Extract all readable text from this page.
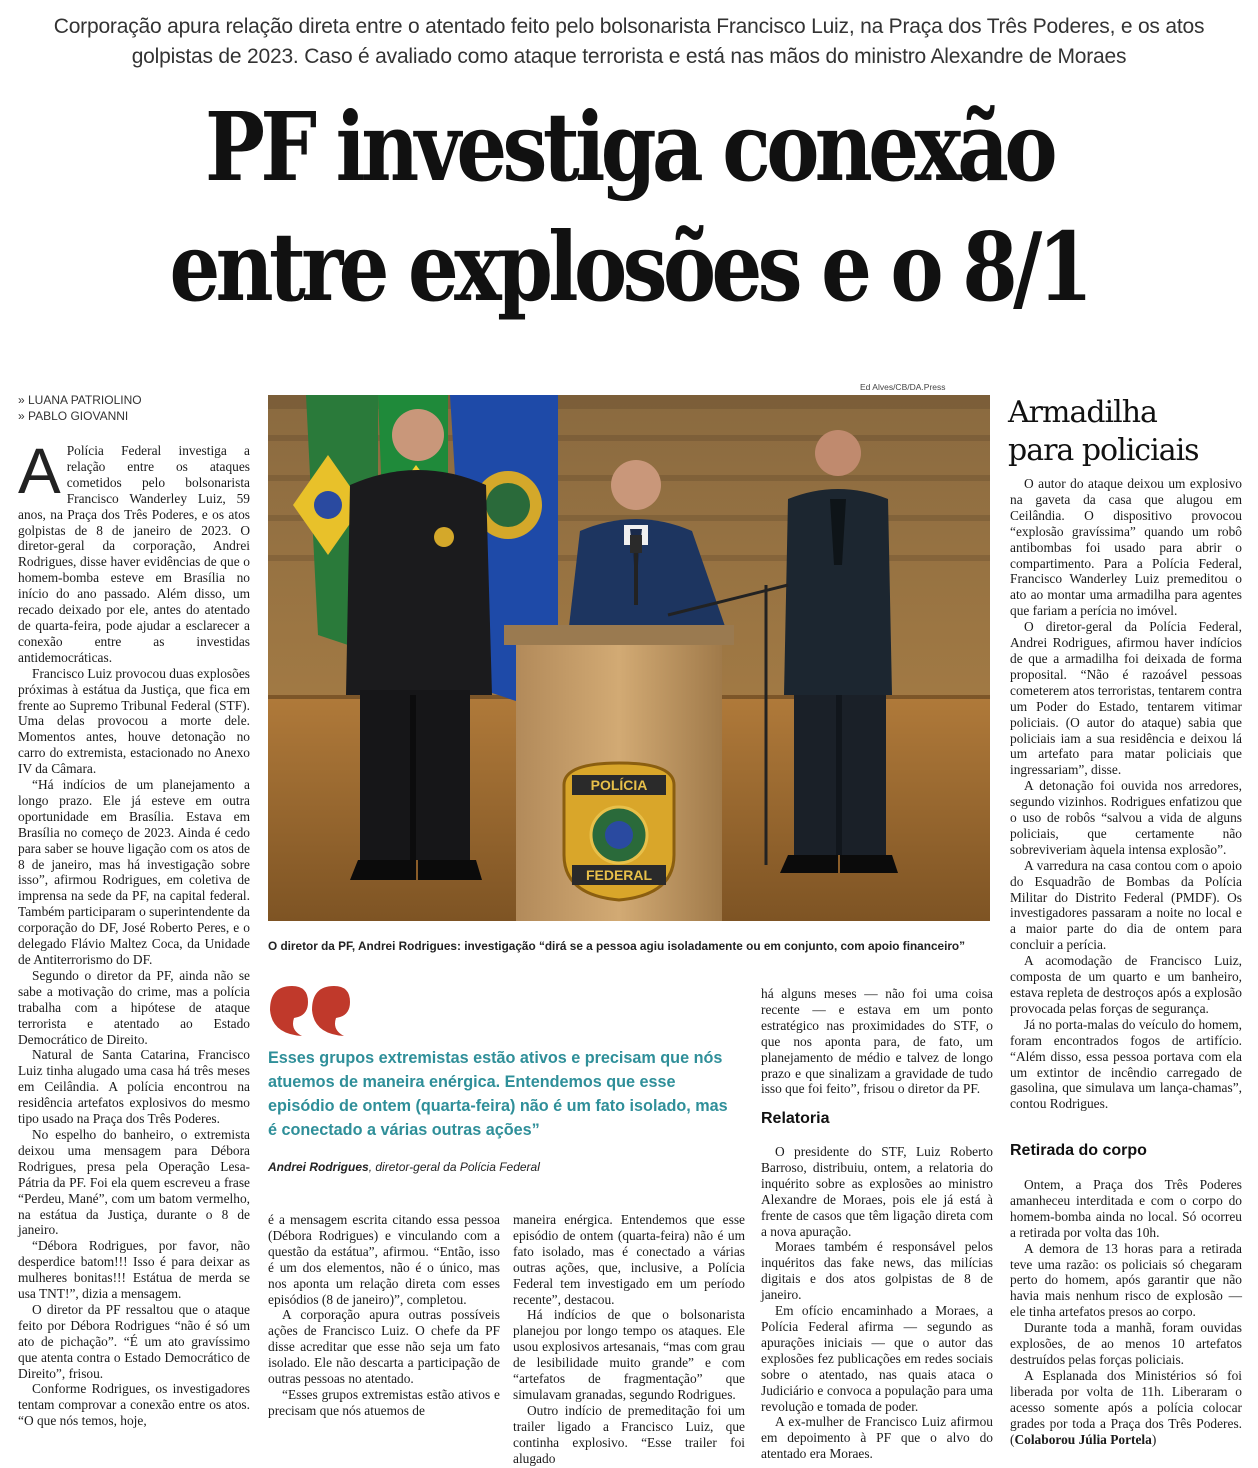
Corporação apura relação direta entre o atentado feito pelo bolsonarista Francisco Luiz, na Praça dos Três Poderes, e os atos golpistas de 2023. Caso é avaliado como ataque terrorista e está nas mãos do ministro Alexandre de Moraes
PF investiga conexão
entre explosões e o 8/1
» LUANA PATRIOLINO
» PABLO GIOVANNI

A Polícia Federal investiga a relação entre os ataques cometidos pelo bolsonarista Francisco Wanderley Luiz, 59 anos, na Praça dos Três Poderes, e os atos golpistas de 8 de janeiro de 2023. O diretor-geral da corporação, Andrei Rodrigues, disse haver evidências de que o homem-bomba esteve em Brasília no início do ano passado. Além disso, um recado deixado por ele, antes do atentado de quarta-feira, pode ajudar a esclarecer a conexão entre as investidas antidemocráticas.

Francisco Luiz provocou duas explosões próximas à estátua da Justiça, que fica em frente ao Supremo Tribunal Federal (STF). Uma delas provocou a morte dele. Momentos antes, houve detonação no carro do extremista, estacionado no Anexo IV da Câmara.

“Há indícios de um planejamento a longo prazo. Ele já esteve em outra oportunidade em Brasília. Estava em Brasília no começo de 2023. Ainda é cedo para saber se houve ligação com os atos de 8 de janeiro, mas há investigação sobre isso”, afirmou Rodrigues, em coletiva de imprensa na sede da PF, na capital federal. Também participaram o superintendente da corporação do DF, José Roberto Peres, e o delegado Flávio Maltez Coca, da Unidade de Antiterrorismo do DF.

Segundo o diretor da PF, ainda não se sabe a motivação do crime, mas a polícia trabalha com a hipótese de ataque terrorista e atentado ao Estado Democrático de Direito.

Natural de Santa Catarina, Francisco Luiz tinha alugado uma casa há três meses em Ceilândia. A polícia encontrou na residência artefatos explosivos do mesmo tipo usado na Praça dos Três Poderes.

No espelho do banheiro, o extremista deixou uma mensagem para Débora Rodrigues, presa pela Operação Lesa-Pátria da PF. Foi ela quem escreveu a frase “Perdeu, Mané”, com um batom vermelho, na estátua da Justiça, durante o 8 de janeiro.

“Débora Rodrigues, por favor, não desperdice batom!!! Isso é para deixar as mulheres bonitas!!! Estátua de merda se usa TNT!”, dizia a mensagem.

O diretor da PF ressaltou que o ataque feito por Débora Rodrigues “não é só um ato de pichação”. “É um ato gravíssimo que atenta contra o Estado Democrático de Direito”, frisou.

Conforme Rodrigues, os investigadores tentam comprovar a conexão entre os atos. “O que nós temos, hoje,

Ed Alves/CB/DA.Press
POLÍCIA
FEDERAL
O diretor da PF, Andrei Rodrigues: investigação “dirá se a pessoa agiu isoladamente ou em conjunto, com apoio financeiro”
Esses grupos extremistas estão ativos e precisam que nós atuemos de maneira enérgica. Entendemos que esse episódio de ontem (quarta-feira) não é um fato isolado, mas é conectado a várias outras ações”
Andrei Rodrigues, diretor-geral da Polícia Federal

é a mensagem escrita citando essa pessoa (Débora Rodrigues) e vinculando com a questão da estátua”, afirmou. “Então, isso é um dos elementos, não é o único, mas nos aponta um relação direta com esses episódios (8 de janeiro)”, completou.

A corporação apura outras possíveis ações de Francisco Luiz. O chefe da PF disse acreditar que esse não seja um fato isolado. Ele não descarta a participação de outras pessoas no atentado.

“Esses grupos extremistas estão ativos e precisam que nós atuemos de

maneira enérgica. Entendemos que esse episódio de ontem (quarta-feira) não é um fato isolado, mas é conectado a várias outras ações, que, inclusive, a Polícia Federal tem investigado em um período recente”, destacou.

Há indícios de que o bolsonarista planejou por longo tempo os ataques. Ele usou explosivos artesanais, “mas com grau de lesibilidade muito grande” e com “artefatos de fragmentação” que simulavam granadas, segundo Rodrigues.

Outro indício de premeditação foi um trailer ligado a Francisco Luiz, que continha explosivo. “Esse trailer foi alugado

há alguns meses — não foi uma coisa recente — e estava em um ponto estratégico nas proximidades do STF, o que nos aponta para, de fato, um planejamento de médio e talvez de longo prazo e que sinalizam a gravidade de tudo isso que foi feito”, frisou o diretor da PF.

Relatoria

O presidente do STF, Luiz Roberto Barroso, distribuiu, ontem, a relatoria do inquérito sobre as explosões ao ministro Alexandre de Moraes, pois ele já está à frente de casos que têm ligação direta com a nova apuração.

Moraes também é responsável pelos inquéritos das fake news, das milícias digitais e dos atos golpistas de 8 de janeiro.

Em ofício encaminhado a Moraes, a Polícia Federal afirma — segundo as apurações iniciais — que o autor das explosões fez publicações em redes sociais sobre o atentado, nas quais ataca o Judiciário e convoca a população para uma revolução e tomada de poder.

A ex-mulher de Francisco Luiz afirmou em depoimento à PF que o alvo do atentado era Moraes.

Armadilha
para policiais

O autor do ataque deixou um explosivo na gaveta da casa que alugou em Ceilândia. O dispositivo provocou “explosão gravíssima” quando um robô antibombas foi usado para abrir o compartimento. Para a Polícia Federal, Francisco Wanderley Luiz premeditou o ato ao montar uma armadilha para agentes que fariam a perícia no imóvel.

O diretor-geral da Polícia Federal, Andrei Rodrigues, afirmou haver indícios de que a armadilha foi deixada de forma proposital. “Não é razoável pessoas cometerem atos terroristas, tentarem contra um Poder do Estado, tentarem vitimar policiais. (O autor do ataque) sabia que policiais iam a sua residência e deixou lá um artefato para matar policiais que ingressariam”, disse.

A detonação foi ouvida nos arredores, segundo vizinhos. Rodrigues enfatizou que o uso de robôs “salvou a vida de alguns policiais, que certamente não sobreviveriam àquela intensa explosão”.

A varredura na casa contou com o apoio do Esquadrão de Bombas da Polícia Militar do Distrito Federal (PMDF). Os investigadores passaram a noite no local e a maior parte do dia de ontem para concluir a perícia.

A acomodação de Francisco Luiz, composta de um quarto e um banheiro, estava repleta de destroços após a explosão provocada pelas forças de segurança.

Já no porta-malas do veículo do homem, foram encontrados fogos de artifício. “Além disso, essa pessoa portava com ela um extintor de incêndio carregado de gasolina, que simulava um lança-chamas”, contou Rodrigues.

Retirada do corpo

Ontem, a Praça dos Três Poderes amanheceu interditada e com o corpo do homem-bomba ainda no local. Só ocorreu a retirada por volta das 10h.

A demora de 13 horas para a retirada teve uma razão: os policiais só chegaram perto do homem, após garantir que não havia mais nenhum risco de explosão — ele tinha artefatos presos ao corpo.

Durante toda a manhã, foram ouvidas explosões, de ao menos 10 artefatos destruídos pelas forças policiais.

A Esplanada dos Ministérios só foi liberada por volta de 11h. Liberaram o acesso somente após a polícia colocar grades por toda a Praça dos Três Poderes. (Colaborou Júlia Portela)
